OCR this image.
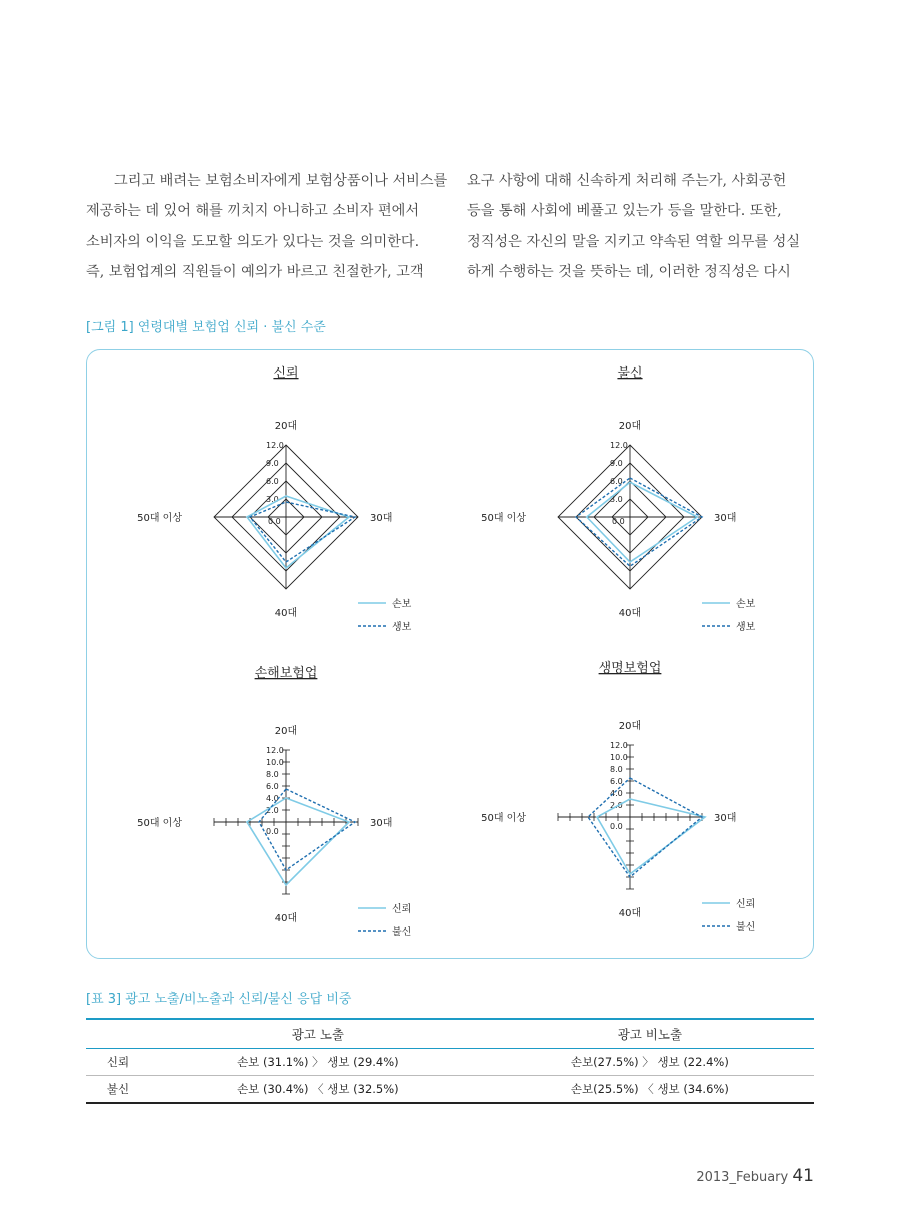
그리고 배려는 보험소비자에게 보험상품이나 서비스를

제공하는 데 있어 해를 끼치지 아니하고 소비자 편에서

소비자의 이익을 도모할 의도가 있다는 것을 의미한다.

즉, 보험업계의 직원들이 예의가 바르고 친절한가, 고객

요구 사항에 대해 신속하게 처리해 주는가, 사회공헌

등을 통해 사회에 베풀고 있는가 등을 말한다. 또한,

정직성은 자신의 말을 지키고 약속된 역할 의무를 성실

하게 수행하는 것을 뜻하는 데, 이러한 정직성은 다시

[그림 1] 연령대별 보험업 신뢰 · 불신 수준
신뢰
0.0
3.0
6.0
9.0
12.0
20대
30대
40대
50대 이상
손보
생보
불신
0.0
3.0
6.0
9.0
12.0
20대
30대
40대
50대 이상
손보
생보
손해보험업
0.0
2.0
4.0
6.0
8.0
10.0
12.0
20대
30대
40대
50대 이상
신뢰
불신
생명보험업
0.0
2.0
4.0
6.0
8.0
10.0
12.0
20대
30대
40대
50대 이상
신뢰
불신
[표 3] 광고 노출/비노출과 신뢰/불신 응답 비중
	광고 노출	광고 비노출
신뢰	손보 (31.1%) 〉 생보 (29.4%)	손보(27.5%) 〉 생보 (22.4%)
불신	손보 (30.4%) 〈 생보 (32.5%)	손보(25.5%) 〈 생보 (34.6%)
2013_Febuary 41
